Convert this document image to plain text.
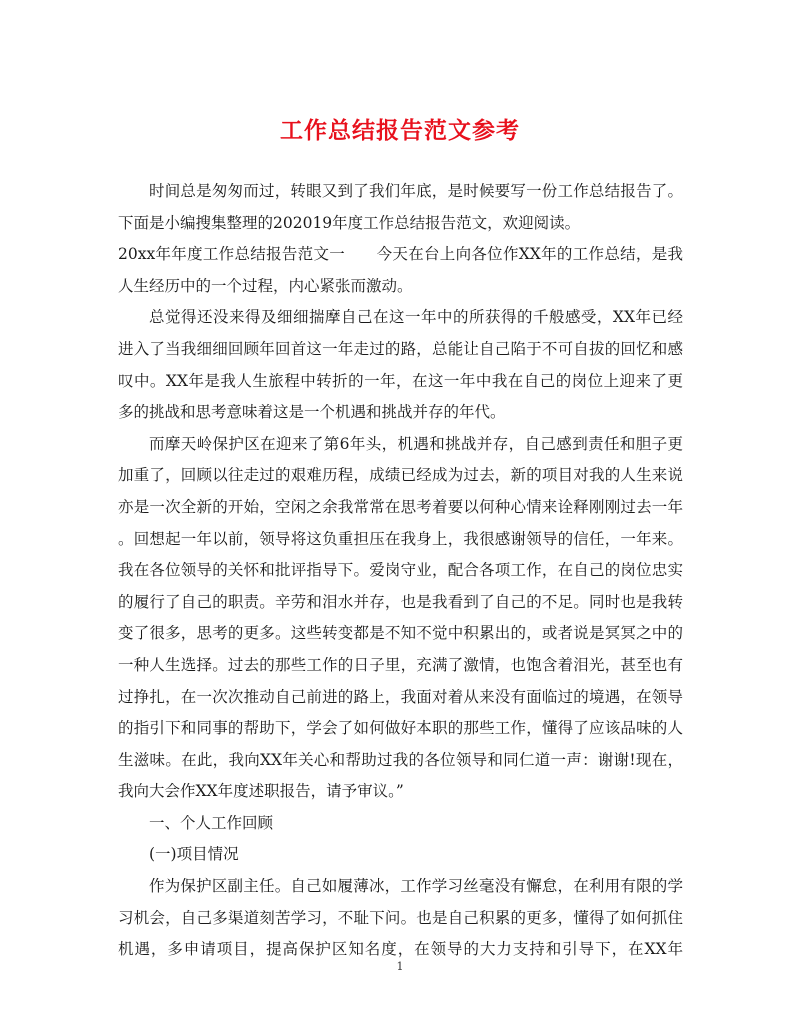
工作总结报告范文参考
时间总是匆匆而过，转眼又到了我们年底，是时候要写一份工作总结报告了。
下面是小编搜集整理的202019年度工作总结报告范文，欢迎阅读。
20xx年年度工作总结报告范文一　　今天在台上向各位作XX年的工作总结，是我
人生经历中的一个过程，内心紧张而激动。
总觉得还没来得及细细揣摩自己在这一年中的所获得的千般感受，XX年已经
进入了当我细细回顾年回首这一年走过的路，总能让自己陷于不可自拔的回忆和感
叹中。XX年是我人生旅程中转折的一年，在这一年中我在自己的岗位上迎来了更
多的挑战和思考意味着这是一个机遇和挑战并存的年代。
而摩天岭保护区在迎来了第6年头，机遇和挑战并存，自己感到责任和胆子更
加重了，回顾以往走过的艰难历程，成绩已经成为过去，新的项目对我的人生来说
亦是一次全新的开始，空闲之余我常常在思考着要以何种心情来诠释刚刚过去一年
。回想起一年以前，领导将这负重担压在我身上，我很感谢领导的信任，一年来。
我在各位领导的关怀和批评指导下。爱岗守业，配合各项工作，在自己的岗位忠实
的履行了自己的职责。辛劳和泪水并存，也是我看到了自己的不足。同时也是我转
变了很多，思考的更多。这些转变都是不知不觉中积累出的，或者说是冥冥之中的
一种人生选择。过去的那些工作的日子里，充满了激情，也饱含着泪光，甚至也有
过挣扎，在一次次推动自己前进的路上，我面对着从来没有面临过的境遇，在领导
的指引下和同事的帮助下，学会了如何做好本职的那些工作，懂得了应该品味的人
生滋味。在此，我向XX年关心和帮助过我的各位领导和同仁道一声：谢谢!现在，
我向大会作XX年度述职报告，请予审议。”
一、个人工作回顾
(一)项目情况
作为保护区副主任。自己如履薄冰，工作学习丝毫没有懈怠，在利用有限的学
习机会，自己多渠道刻苦学习，不耻下问。也是自己积累的更多，懂得了如何抓住
机遇，多申请项目，提高保护区知名度，在领导的大力支持和引导下，在XX年
1
